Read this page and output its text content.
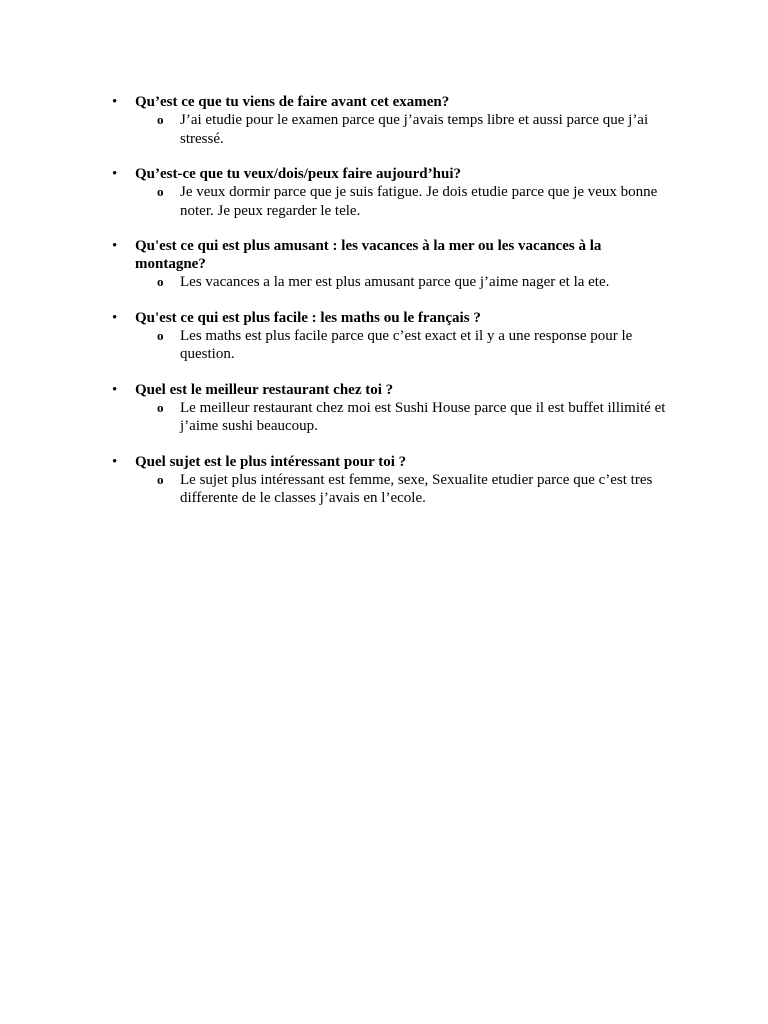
• Qu’est ce que tu viens de faire avant cet examen?
o J’ai etudie pour le examen parce que j’avais temps libre et aussi parce que j’ai stressé.
• Qu’est-ce que tu veux/dois/peux faire aujourd’hui?
o Je veux dormir parce que je suis fatigue. Je dois etudie parce que je veux bonne noter. Je peux regarder le tele.
• Qu'est ce qui est plus amusant : les vacances à la mer ou les vacances à la montagne?
o Les vacances a la mer est plus amusant parce que j’aime nager et la ete.
• Qu'est ce qui est plus facile : les maths ou le français ?
o Les maths est plus facile parce que c’est exact et il y a une response pour le question.
• Quel est le meilleur restaurant chez toi ?
o Le meilleur restaurant chez moi est Sushi House parce que il est buffet illimité et j’aime sushi beaucoup.
• Quel sujet est le plus intéressant pour toi ?
o Le sujet plus intéressant est femme, sexe, Sexualite etudier parce que c’est tres differente de le classes j’avais en l’ecole.
